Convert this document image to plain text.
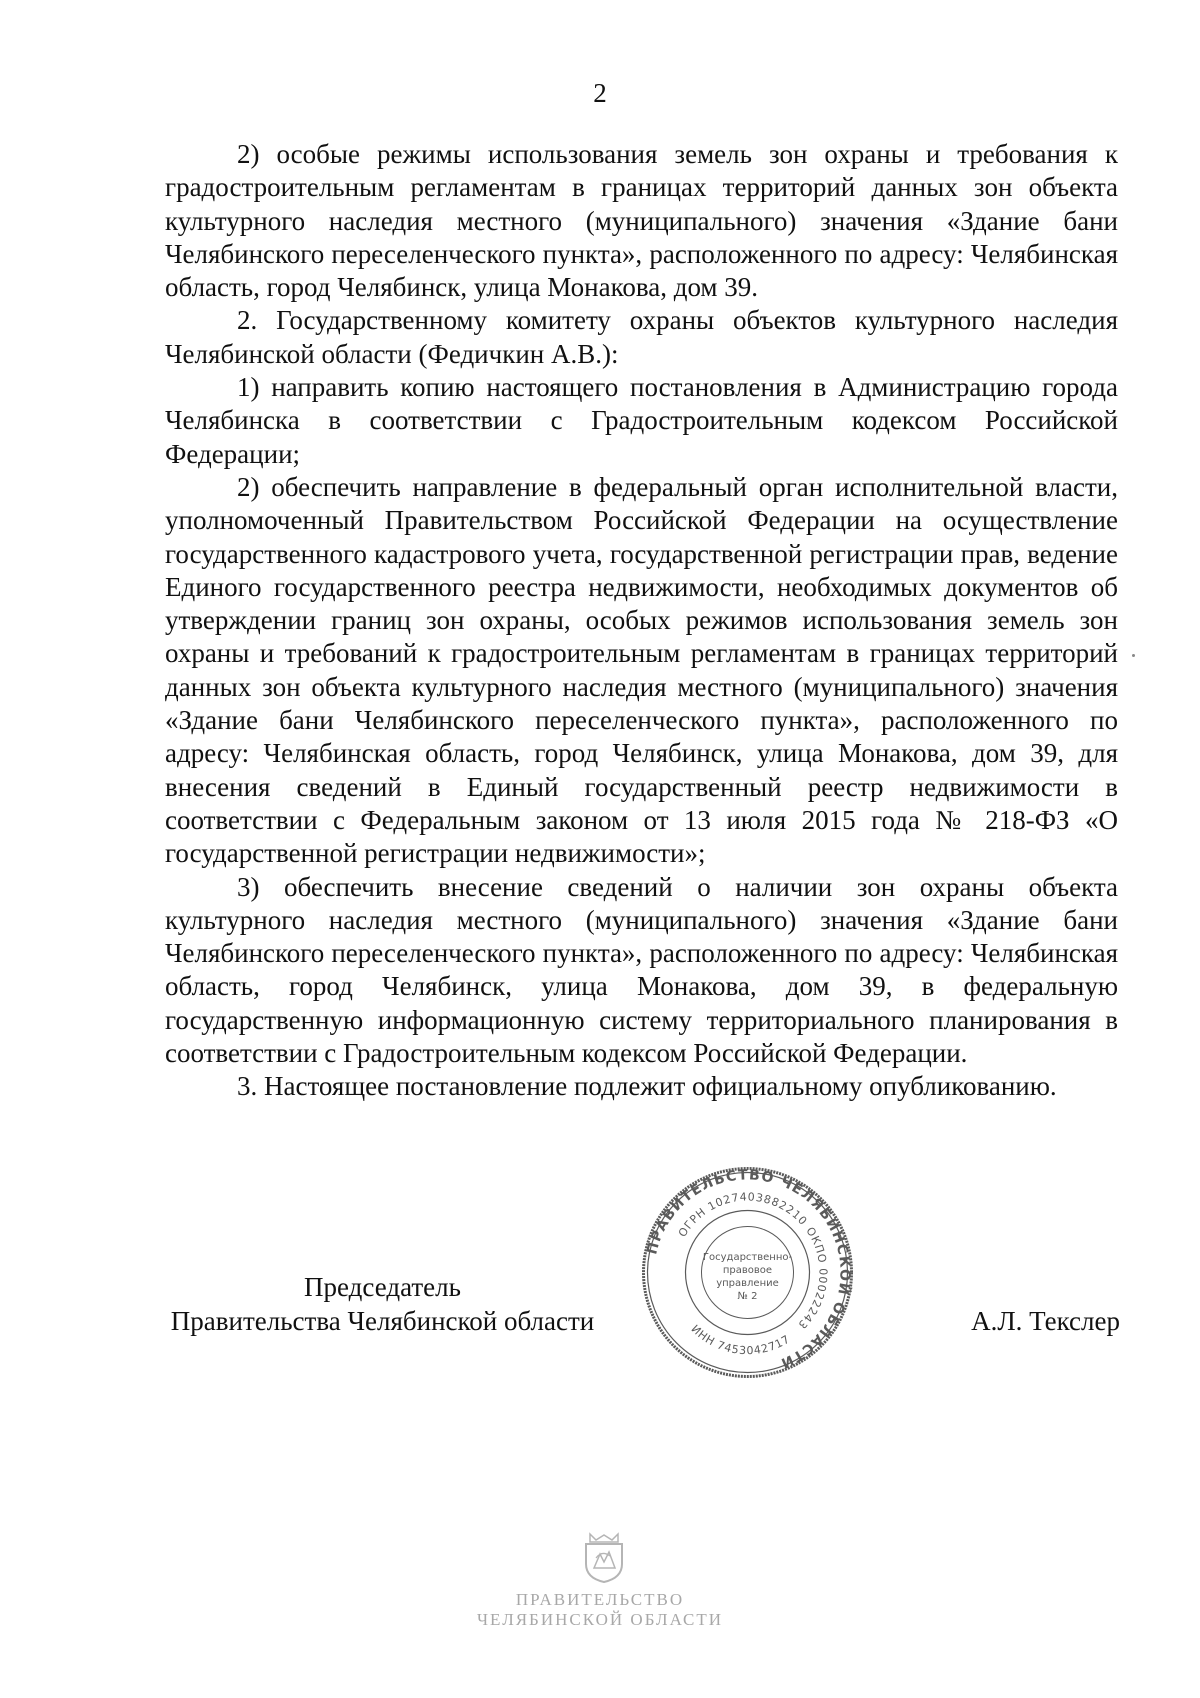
2

2) особые режимы использования земель зон охраны и требования к градостроительным регламентам в границах территорий данных зон объекта культурного наследия местного (муниципального) значения «Здание бани Челябинского переселенческого пункта», расположенного по адресу: Челябинская область, город Челябинск, улица Монакова, дом 39.

2. Государственному комитету охраны объектов культурного наследия Челябинской области (Федичкин А.В.):

1) направить копию настоящего постановления в Администрацию города Челябинска в соответствии с Градостроительным кодексом Российской Федерации;

2) обеспечить направление в федеральный орган исполнительной власти, уполномоченный Правительством Российской Федерации на осуществление государственного кадастрового учета, государственной регистрации прав, ведение Единого государственного реестра недвижимости, необходимых документов об утверждении границ зон охраны, особых режимов использования земель зон охраны и требований к градостроительным регламентам в границах территорий данных зон объекта культурного наследия местного (муниципального) значения «Здание бани Челябинского переселенческого пункта», расположенного по адресу: Челябинская область, город Челябинск, улица Монакова, дом 39, для внесения сведений в Единый государственный реестр недвижимости в соответствии с Федеральным законом от 13 июля 2015 года № 218-ФЗ «О государственной регистрации недвижимости»;

3) обеспечить внесение сведений о наличии зон охраны объекта культурного наследия местного (муниципального) значения «Здание бани Челябинского переселенческого пункта», расположенного по адресу: Челябинская область, город Челябинск, улица Монакова, дом 39, в федеральную государственную информационную систему территориального планирования в соответствии с Градостроительным кодексом Российской Федерации.

3. Настоящее постановление подлежит официальному опубликованию.

Председатель
Правительства Челябинской области
ПРАВИТЕЛЬСТВО ЧЕЛЯБИНСКОЙ ОБЛАСТИ
ОГРН 1027403882210
ОКПО 00022243
ИНН 7453042717
Государственно-
правовое
управление
№ 2
А.Л. Текслер
ПРАВИТЕЛЬСТВО
ЧЕЛЯБИНСКОЙ ОБЛАСТИ
